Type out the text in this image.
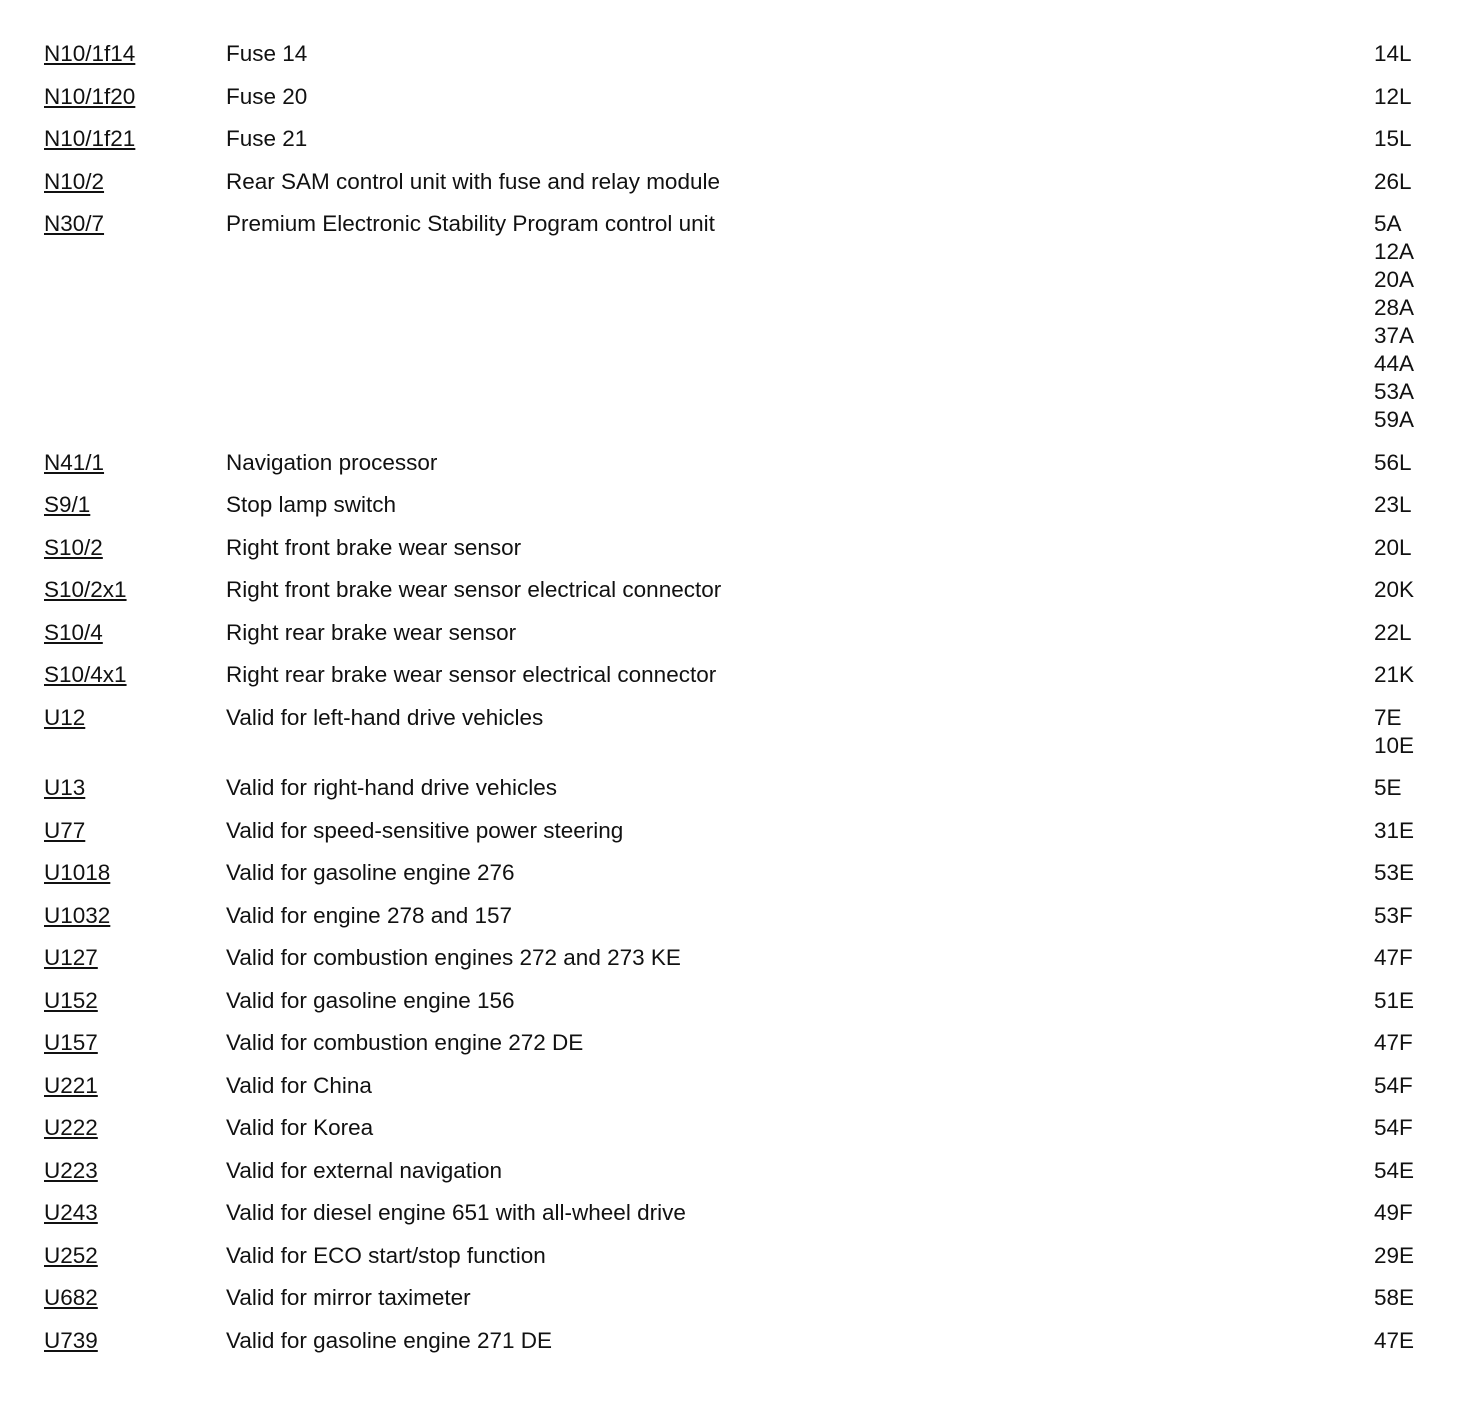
N10/1f14	Fuse 14	14L
N10/1f20	Fuse 20	12L
N10/1f21	Fuse 21	15L
N10/2	Rear SAM control unit with fuse and relay module	26L
N30/7	Premium Electronic Stability Program control unit	5A
12A
20A
28A
37A
44A
53A
59A
N41/1	Navigation processor	56L
S9/1	Stop lamp switch	23L
S10/2	Right front brake wear sensor	20L
S10/2x1	Right front brake wear sensor electrical connector	20K
S10/4	Right rear brake wear sensor	22L
S10/4x1	Right rear brake wear sensor electrical connector	21K
U12	Valid for left-hand drive vehicles	7E
10E
U13	Valid for right-hand drive vehicles	5E
U77	Valid for speed-sensitive power steering	31E
U1018	Valid for gasoline engine 276	53E
U1032	Valid for engine 278 and 157	53F
U127	Valid for combustion engines 272 and 273 KE	47F
U152	Valid for gasoline engine 156	51E
U157	Valid for combustion engine 272 DE	47F
U221	Valid for China	54F
U222	Valid for Korea	54F
U223	Valid for external navigation	54E
U243	Valid for diesel engine 651 with all-wheel drive	49F
U252	Valid for ECO start/stop function	29E
U682	Valid for mirror taximeter	58E
U739	Valid for gasoline engine 271 DE	47E
